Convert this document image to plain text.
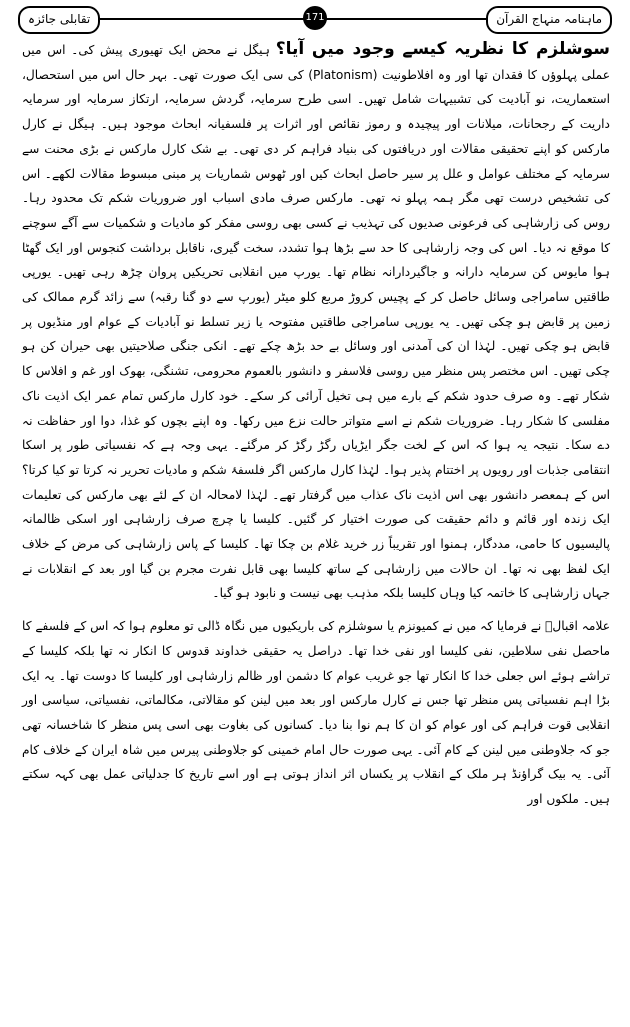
تقابلی جائزہ	171	ماہنامہ منہاج القرآن

سوشلزم کا نظریہ کیسے وجود میں آیا؟ ہیگل نے محض ایک تھیوری پیش کی۔ اس میں عملی پہلوؤں کا فقدان تھا اور وہ افلاطونیت (Platonism) کی سی ایک صورت تھی۔ بہر حال اس میں استحصال، استعماریت، نو آبادیت کی تشبیہات شامل تھیں۔ اسی طرح سرمایہ، گردش سرمایہ، ارتکاز سرمایہ اور سرمایہ داریت کے رجحانات، میلانات اور پیچیدہ و رموز نقائص اور اثرات پر فلسفیانہ ابحاث موجود ہیں۔ ہیگل نے کارل مارکس کو اپنے تحقیقی مقالات اور دریافتوں کی بنیاد فراہم کر دی تھی۔ بے شک کارل مارکس نے بڑی محنت سے سرمایہ کے مختلف عوامل و علل پر سیر حاصل ابحاث کیں اور ٹھوس شماریات پر مبنی مبسوط مقالات لکھے۔ اس کی تشخیص درست تھی مگر ہمہ پہلو نہ تھی۔ مارکس صرف مادی اسباب اور ضروریات شکم تک محدود رہا۔ روس کی زارشاہی کی فرعونی صدیوں کی تہذیب نے کسی بھی روسی مفکر کو مادیات و شکمیات سے آگے سوچنے کا موقع نہ دیا۔ اس کی وجہ زارشاہی کا حد سے بڑھا ہوا تشدد، سخت گیری، ناقابل برداشت کنجوس اور ایک گھٹا ہوا مایوس کن سرمایہ دارانہ و جاگیردارانہ نظام تھا۔ یورپ میں انقلابی تحریکیں پروان چڑھ رہی تھیں۔ یورپی طاقتیں سامراجی وسائل حاصل کر کے پچیس کروڑ مربع کلو میٹر (یورپ سے دو گنا رقبہ) سے زائد گرم ممالک کی زمین پر قابض ہو چکی تھیں۔ یہ یورپی سامراجی طاقتیں مفتوحہ یا زیر تسلط نو آبادیات کے عوام اور منڈیوں پر قابض ہو چکی تھیں۔ لہٰذا ان کی آمدنی اور وسائل بے حد بڑھ چکے تھے۔ انکی جنگی صلاحیتیں بھی حیران کن ہو چکی تھیں۔ اس مختصر پس منظر میں روسی فلاسفر و دانشور بالعموم محرومی، تشنگی، بھوک اور غم و افلاس کا شکار تھے۔ وہ صرف حدود شکم کے بارے میں ہی تخیل آرائی کر سکے۔ خود کارل مارکس تمام عمر ایک اذیت ناک مفلسی کا شکار رہا۔ ضروریات شکم نے اسے متواتر حالت نزع میں رکھا۔ وہ اپنے بچوں کو غذا، دوا اور حفاظت نہ دے سکا۔ نتیجہ یہ ہوا کہ اس کے لخت جگر ایڑیاں رگڑ رگڑ کر مرگئے۔ یہی وجہ ہے کہ نفسیاتی طور پر اسکا انتقامی جذبات اور رویوں پر اختتام پذیر ہوا۔ لہٰذا کارل مارکس اگر فلسفۂ شکم و مادیات تحریر نہ کرتا تو کیا کرتا؟ اس کے ہمعصر دانشور بھی اس اذیت ناک عذاب میں گرفتار تھے۔ لہٰذا لامحالہ ان کے لئے بھی مارکس کی تعلیمات ایک زندہ اور قائم و دائم حقیقت کی صورت اختیار کر گئیں۔ کلیسا یا چرچ صرف زارشاہی اور اسکی ظالمانہ پالیسیوں کا حامی، مددگار، ہمنوا اور تقریباً زر خرید غلام بن چکا تھا۔ کلیسا کے پاس زارشاہی کی مرض کے خلاف ایک لفظ بھی نہ تھا۔ ان حالات میں زارشاہی کے ساتھ کلیسا بھی قابل نفرت مجرم بن گیا اور بعد کے انقلابات نے جہاں زارشاہی کا خاتمہ کیا وہاں کلیسا بلکہ مذہب بھی نیست و نابود ہو گیا۔

علامہ اقبالؒ نے فرمایا کہ میں نے کمیونزم یا سوشلزم کی باریکیوں میں نگاہ ڈالی تو معلوم ہوا کہ اس کے فلسفے کا ماحصل نفی سلاطین، نفی کلیسا اور نفی خدا تھا۔ دراصل یہ حقیقی خداوند قدوس کا انکار نہ تھا بلکہ کلیسا کے تراشے ہوئے اس جعلی خدا کا انکار تھا جو غریب عوام کا دشمن اور ظالم زارشاہی اور کلیسا کا دوست تھا۔ یہ ایک بڑا اہم نفسیاتی پس منظر تھا جس نے کارل مارکس اور بعد میں لینن کو مقالاتی، مکالماتی، نفسیاتی، سیاسی اور انقلابی قوت فراہم کی اور عوام کو ان کا ہم نوا بنا دیا۔ کسانوں کی بغاوت بھی اسی پس منظر کا شاخسانہ تھی جو کہ جلاوطنی میں لینن کے کام آئی۔ یہی صورت حال امام خمینی کو جلاوطنی پیرس میں شاہ ایران کے خلاف کام آئی۔ یہ بیک گراؤنڈ ہر ملک کے انقلاب پر یکساں اثر انداز ہوتی ہے اور اسے تاریخ کا جدلیاتی عمل بھی کہہ سکتے ہیں۔ ملکوں اور
